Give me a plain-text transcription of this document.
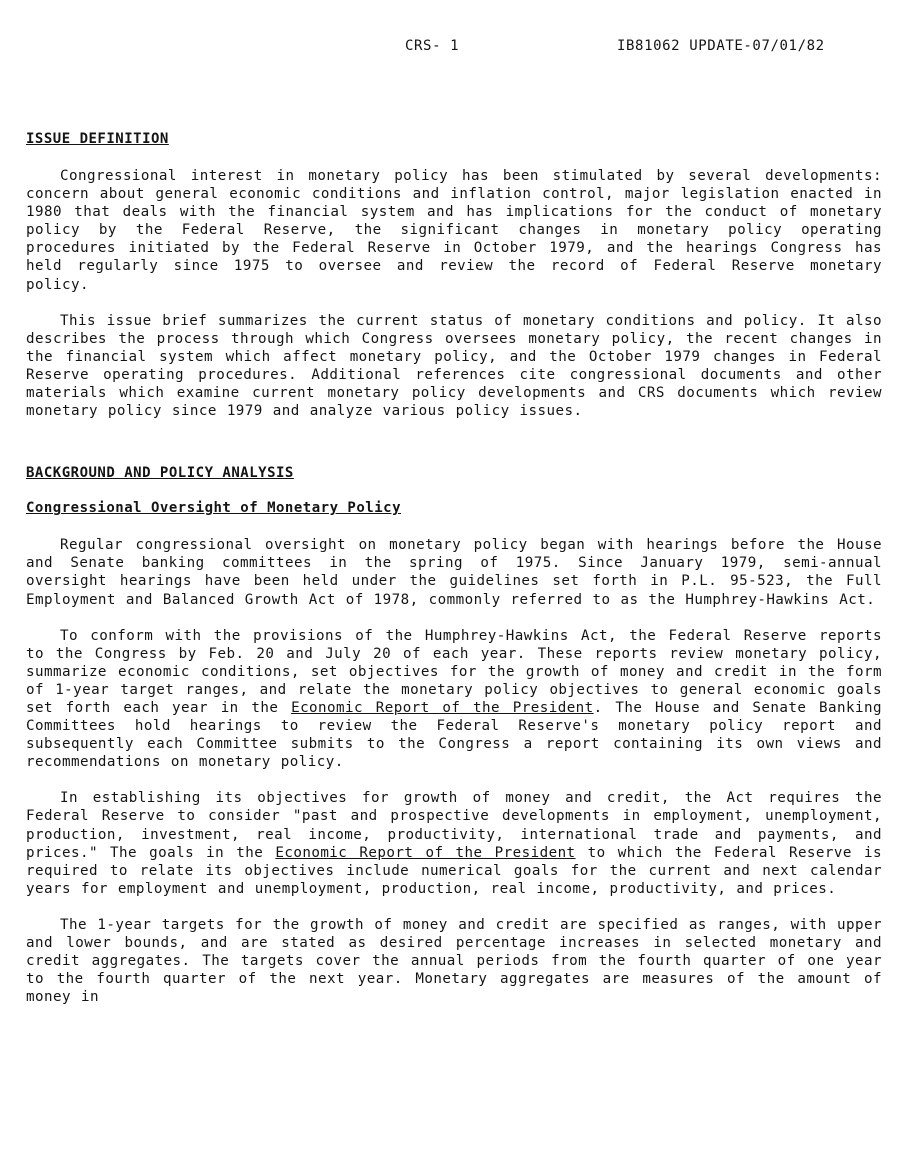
CRS- 1	IB81062 UPDATE-07/01/82
ISSUE DEFINITION

Congressional interest in monetary policy has been stimulated by several developments: concern about general economic conditions and inflation control, major legislation enacted in 1980 that deals with the financial system and has implications for the conduct of monetary policy by the Federal Reserve, the significant changes in monetary policy operating procedures initiated by the Federal Reserve in October 1979, and the hearings Congress has held regularly since 1975 to oversee and review the record of Federal Reserve monetary policy.

This issue brief summarizes the current status of monetary conditions and policy. It also describes the process through which Congress oversees monetary policy, the recent changes in the financial system which affect monetary policy, and the October 1979 changes in Federal Reserve operating procedures. Additional references cite congressional documents and other materials which examine current monetary policy developments and CRS documents which review monetary policy since 1979 and analyze various policy issues.

BACKGROUND AND POLICY ANALYSIS
Congressional Oversight of Monetary Policy

Regular congressional oversight on monetary policy began with hearings before the House and Senate banking committees in the spring of 1975. Since January 1979, semi-annual oversight hearings have been held under the guidelines set forth in P.L. 95-523, the Full Employment and Balanced Growth Act of 1978, commonly referred to as the Humphrey-Hawkins Act.

To conform with the provisions of the Humphrey-Hawkins Act, the Federal Reserve reports to the Congress by Feb. 20 and July 20 of each year. These reports review monetary policy, summarize economic conditions, set objectives for the growth of money and credit in the form of 1-year target ranges, and relate the monetary policy objectives to general economic goals set forth each year in the Economic Report of the President. The House and Senate Banking Committees hold hearings to review the Federal Reserve's monetary policy report and subsequently each Committee submits to the Congress a report containing its own views and recommendations on monetary policy.

In establishing its objectives for growth of money and credit, the Act requires the Federal Reserve to consider "past and prospective developments in employment, unemployment, production, investment, real income, productivity, international trade and payments, and prices." The goals in the Economic Report of the President to which the Federal Reserve is required to relate its objectives include numerical goals for the current and next calendar years for employment and unemployment, production, real income, productivity, and prices.

The 1-year targets for the growth of money and credit are specified as ranges, with upper and lower bounds, and are stated as desired percentage increases in selected monetary and credit aggregates. The targets cover the annual periods from the fourth quarter of one year to the fourth quarter of the next year. Monetary aggregates are measures of the amount of money in
